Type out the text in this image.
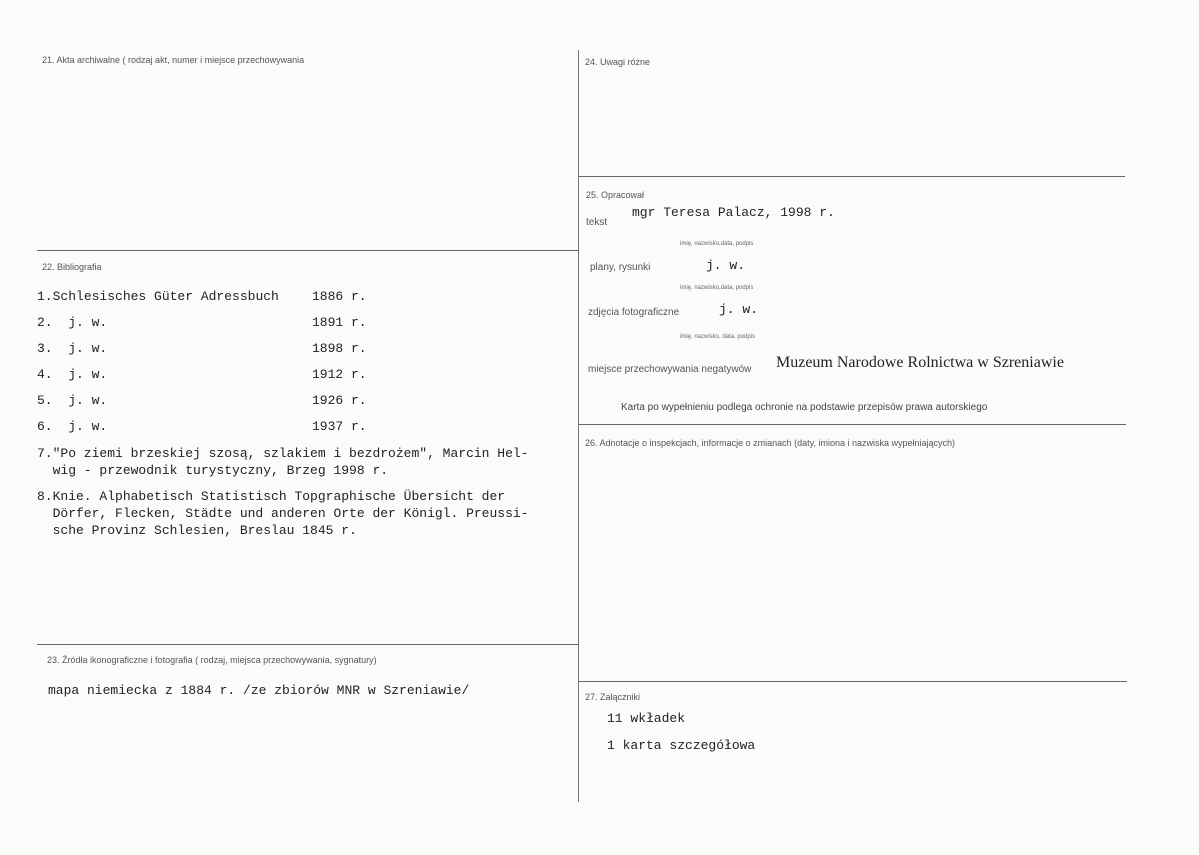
21. Akta archiwalne ( rodzaj akt, numer i miejsce przechowywania
22. Bibliografia
1.Schlesisches Güter Adressbuch	1886 r.
2. j. w.	1891 r.
3. j. w.	1898 r.
4. j. w.	1912 r.
5. j. w.	1926 r.
6. j. w.	1937 r.
7."Po ziemi brzeskiej szosą, szlakiem i bezdrożem", Marcin Hel-
wig - przewodnik turystyczny, Brzeg 1998 r.
8.Knie. Alphabetisch Statistisch Topgraphische Übersicht der
Dörfer, Flecken, Städte und anderen Orte der Königl. Preussi-
sche Provinz Schlesien, Breslau 1845 r.
23. Źródła ikonograficzne i fotografia ( rodzaj, miejsca przechowywania, sygnatury)
mapa niemiecka z 1884 r. /ze zbiorów MNR w Szreniawie/
24. Uwagi różne
25. Opracował
tekst
mgr Teresa Palacz, 1998 r.
imię, nazwisko,data, podpis
plany, rysunki	j. w.
imię, nazwisko,data, podpis
zdjęcia fotograficzne	j. w.
imię, nazwisko, data, podpis
miejsce przechowywania negatywów Muzeum Narodowe Rolnictwa w Szreniawie
Karta po wypełnieniu podlega ochronie na podstawie przepisów prawa autorskiego
26. Adnotacje o inspekcjach, informacje o zmianach (daty, imiona i nazwiska wypełniających)
27. Załączniki
11 wkładek
1 karta szczegółowa
